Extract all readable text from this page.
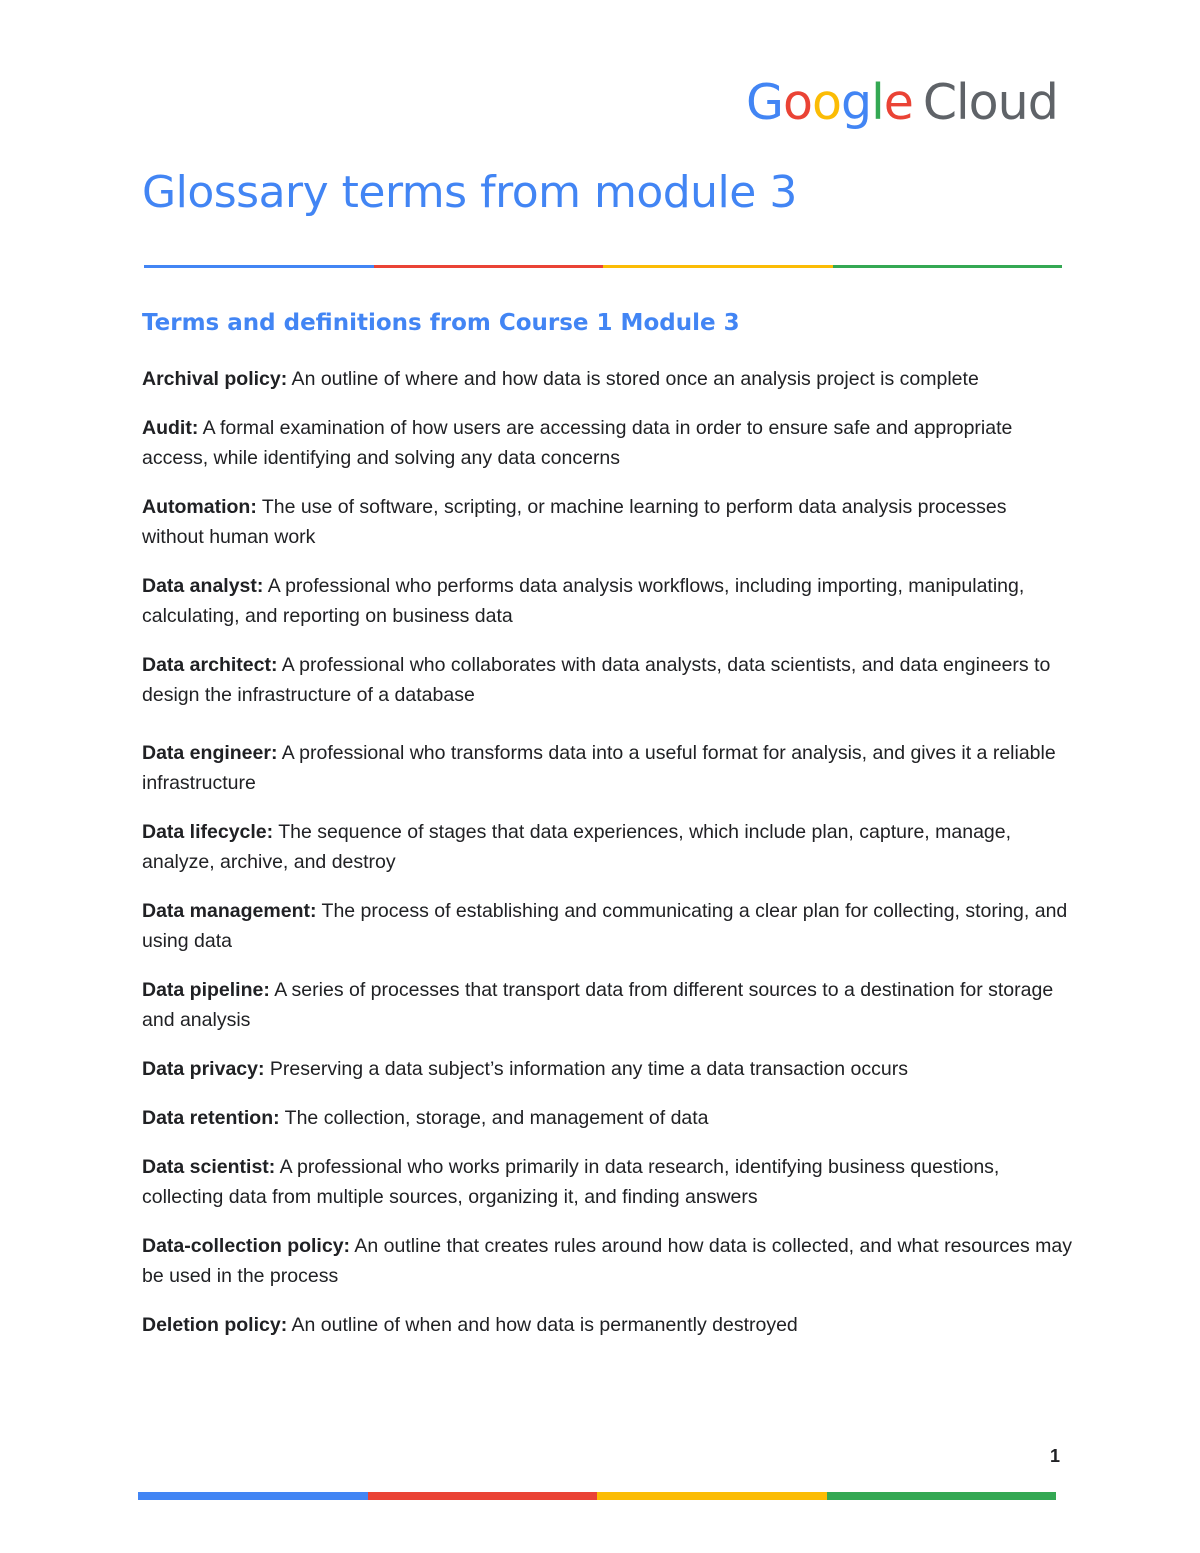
Google Cloud
Glossary terms from module 3
Terms and definitions from Course 1 Module 3
Archival policy: An outline of where and how data is stored once an analysis project is complete
Audit: A formal examination of how users are accessing data in order to ensure safe and appropriate access, while identifying and solving any data concerns
Automation: The use of software, scripting, or machine learning to perform data analysis processes without human work
Data analyst: A professional who performs data analysis workflows, including importing, manipulating, calculating, and reporting on business data
Data architect: A professional who collaborates with data analysts, data scientists, and data engineers to design the infrastructure of a database
Data engineer: A professional who transforms data into a useful format for analysis, and gives it a reliable infrastructure
Data lifecycle: The sequence of stages that data experiences, which include plan, capture, manage, analyze, archive, and destroy
Data management: The process of establishing and communicating a clear plan for collecting, storing, and using data
Data pipeline: A series of processes that transport data from different sources to a destination for storage and analysis
Data privacy: Preserving a data subject’s information any time a data transaction occurs
Data retention: The collection, storage, and management of data
Data scientist: A professional who works primarily in data research, identifying business questions, collecting data from multiple sources, organizing it, and finding answers
Data-collection policy: An outline that creates rules around how data is collected, and what resources may be used in the process
Deletion policy: An outline of when and how data is permanently destroyed
1
